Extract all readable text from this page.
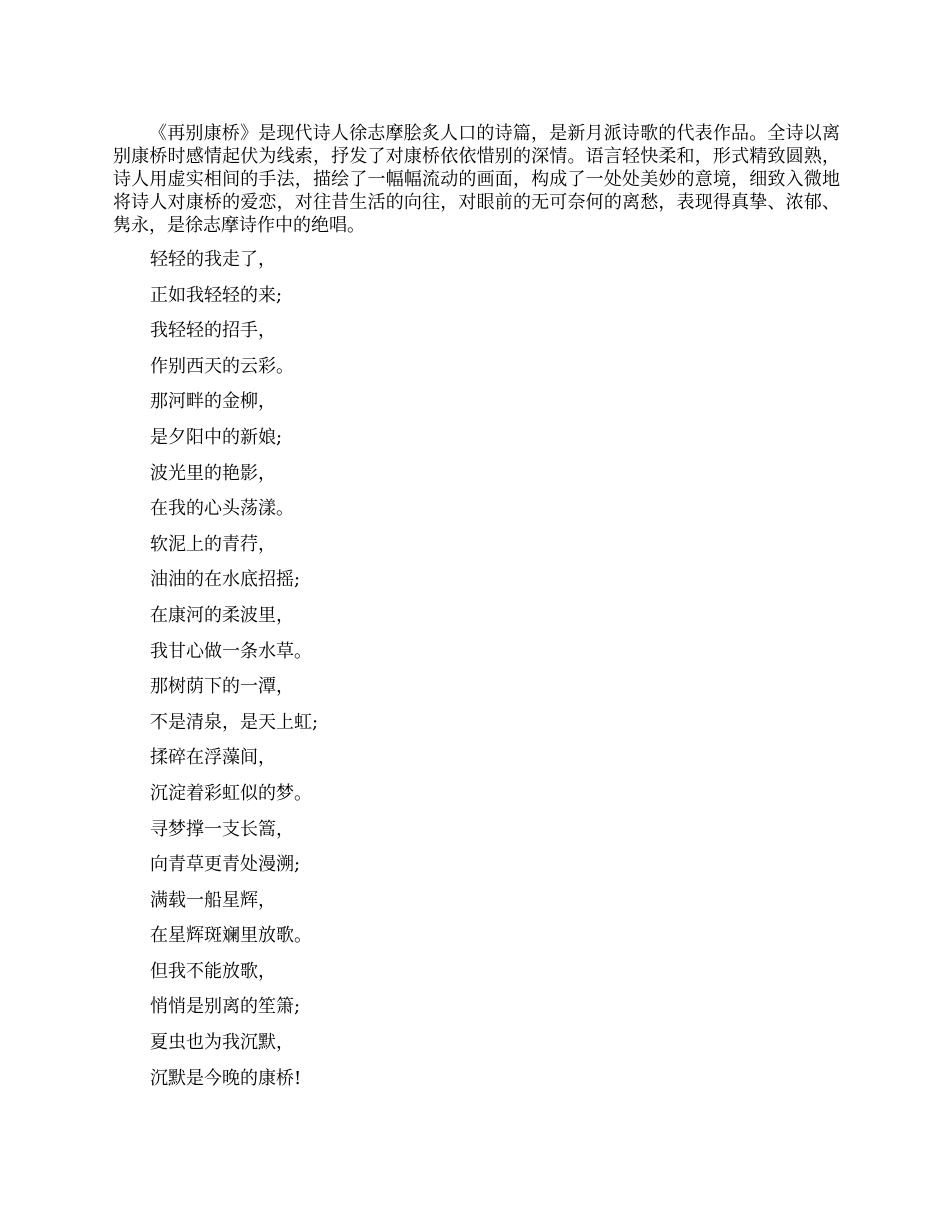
《再别康桥》是现代诗人徐志摩脍炙人口的诗篇，是新月派诗歌的代表作品。全诗以离别康桥时感情起伏为线索，抒发了对康桥依依惜别的深情。语言轻快柔和，形式精致圆熟，诗人用虚实相间的手法，描绘了一幅幅流动的画面，构成了一处处美妙的意境，细致入微地将诗人对康桥的爱恋，对往昔生活的向往，对眼前的无可奈何的离愁，表现得真挚、浓郁、隽永，是徐志摩诗作中的绝唱。

轻轻的我走了，
正如我轻轻的来;
我轻轻的招手，
作别西天的云彩。
那河畔的金柳，
是夕阳中的新娘;
波光里的艳影，
在我的心头荡漾。
软泥上的青荇，
油油的在水底招摇;
在康河的柔波里，
我甘心做一条水草。
那树荫下的一潭，
不是清泉，是天上虹;
揉碎在浮藻间，
沉淀着彩虹似的梦。
寻梦撑一支长篙，
向青草更青处漫溯;
满载一船星辉，
在星辉斑斓里放歌。
但我不能放歌，
悄悄是别离的笙箫;
夏虫也为我沉默，
沉默是今晚的康桥!
